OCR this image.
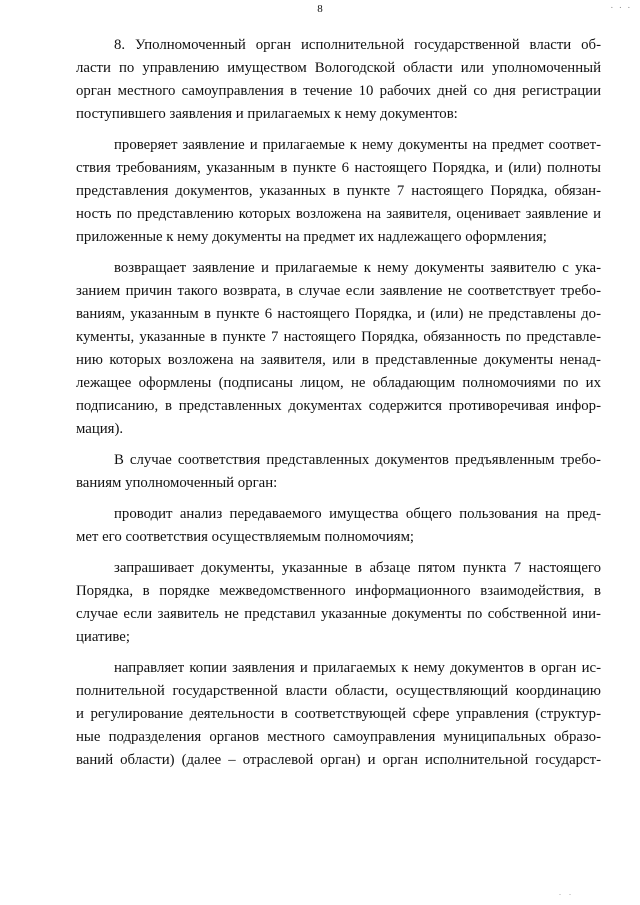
8	. . .
8. Уполномоченный орган исполнительной государственной власти об-
ласти по управлению имуществом Вологодской области или уполномоченный
орган местного самоуправления в течение 10 рабочих дней со дня регистрации
поступившего заявления и прилагаемых к нему документов:
проверяет заявление и прилагаемые к нему документы на предмет соответ-
ствия требованиям, указанным в пункте 6 настоящего Порядка, и (или) полноты
представления документов, указанных в пункте 7 настоящего Порядка, обязан-
ность по представлению которых возложена на заявителя, оценивает заявление и
приложенные к нему документы на предмет их надлежащего оформления;
возвращает заявление и прилагаемые к нему документы заявителю с ука-
занием причин такого возврата, в случае если заявление не соответствует требо-
ваниям, указанным в пункте 6 настоящего Порядка, и (или) не представлены до-
кументы, указанные в пункте 7 настоящего Порядка, обязанность по представле-
нию которых возложена на заявителя, или в представленные документы ненад-
лежащее оформлены (подписаны лицом, не обладающим полномочиями по их
подписанию, в представленных документах содержится противоречивая инфор-
мация).
В случае соответствия представленных документов предъявленным требо-
ваниям уполномоченный орган:
проводит анализ передаваемого имущества общего пользования на пред-
мет его соответствия осуществляемым полномочиям;
запрашивает документы, указанные в абзаце пятом пункта 7 настоящего
Порядка, в порядке межведомственного информационного взаимодействия, в
случае если заявитель не представил указанные документы по собственной ини-
циативе;
направляет копии заявления и прилагаемых к нему документов в орган ис-
полнительной государственной власти области, осуществляющий координацию
и регулирование деятельности в соответствующей сфере управления (структур-
ные подразделения органов местного самоуправления муниципальных образо-
ваний области) (далее – отраслевой орган) и орган исполнительной государст-
. .
